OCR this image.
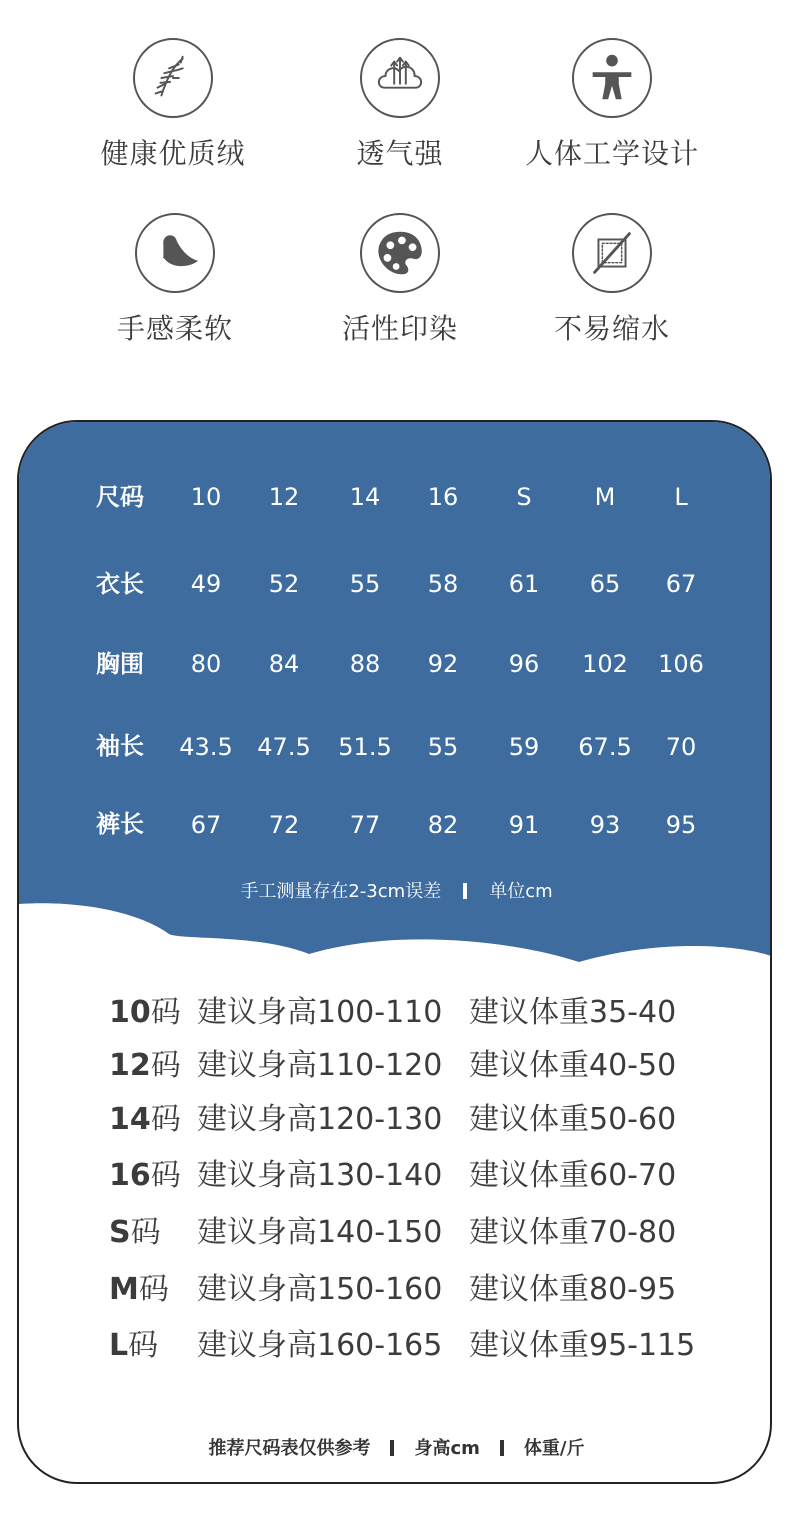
健康优质绒	透气强	人体工学设计
手感柔软	活性印染	不易缩水
尺码	10	12	14	16	S	M	L
衣长	49	52	55	58	61	65	67
胸围	80	84	88	92	96	102	106
袖长	43.5	47.5	51.5	55	59	67.5	70
裤长	67	72	77	82	91	93	95
手工测量存在2-3cm误差	单位cm
10码 建议身高100-110 建议体重35-40
12码 建议身高110-120 建议体重40-50
14码 建议身高120-130 建议体重50-60
16码 建议身高130-140 建议体重60-70
S码 建议身高140-150 建议体重70-80
M码 建议身高150-160 建议体重80-95
L码 建议身高160-165 建议体重95-115
推荐尺码表仅供参考 身高cm 体重/斤
